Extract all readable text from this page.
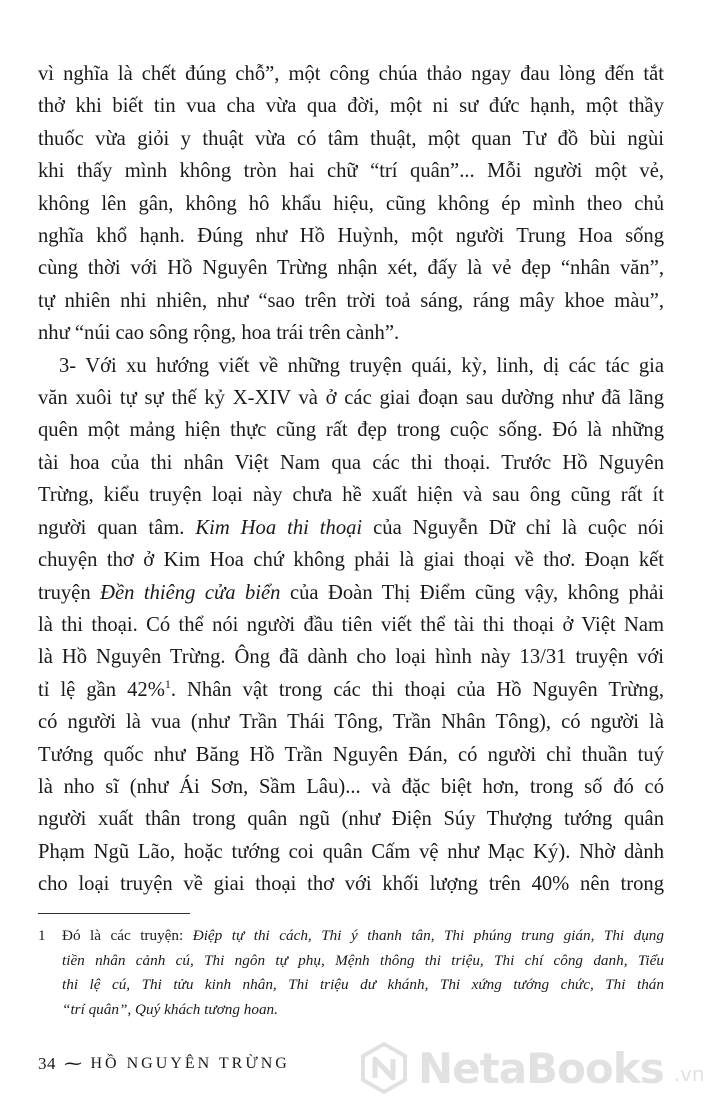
vì nghĩa là chết đúng chỗ”, một công chúa thảo ngay đau lòng đến tắt
thở khi biết tin vua cha vừa qua đời, một ni sư đức hạnh, một thầy
thuốc vừa giỏi y thuật vừa có tâm thuật, một quan Tư đồ bùi ngùi
khi thấy mình không tròn hai chữ “trí quân”... Mỗi người một vẻ,
không lên gân, không hô khẩu hiệu, cũng không ép mình theo chủ
nghĩa khổ hạnh. Đúng như Hồ Huỳnh, một người Trung Hoa sống
cùng thời với Hồ Nguyên Trừng nhận xét, đấy là vẻ đẹp “nhân văn”,
tự nhiên nhi nhiên, như “sao trên trời toả sáng, ráng mây khoe màu”,
như “núi cao sông rộng, hoa trái trên cành”.

3- Với xu hướng viết về những truyện quái, kỳ, linh, dị các tác gia
văn xuôi tự sự thế kỷ X-XIV và ở các giai đoạn sau dường như đã lãng
quên một mảng hiện thực cũng rất đẹp trong cuộc sống. Đó là những
tài hoa của thi nhân Việt Nam qua các thi thoại. Trước Hồ Nguyên
Trừng, kiểu truyện loại này chưa hề xuất hiện và sau ông cũng rất ít
người quan tâm. Kim Hoa thi thoại của Nguyễn Dữ chỉ là cuộc nói
chuyện thơ ở Kim Hoa chứ không phải là giai thoại về thơ. Đoạn kết
truyện Đền thiêng cửa biển của Đoàn Thị Điểm cũng vậy, không phải
là thi thoại. Có thể nói người đầu tiên viết thể tài thi thoại ở Việt Nam
là Hồ Nguyên Trừng. Ông đã dành cho loại hình này 13/31 truyện với
tỉ lệ gần 42%$^1$. Nhân vật trong các thi thoại của Hồ Nguyên Trừng,
có người là vua (như Trần Thái Tông, Trần Nhân Tông), có người là
Tướng quốc như Băng Hồ Trần Nguyên Đán, có người chỉ thuần tuý
là nho sĩ (như Ái Sơn, Sầm Lâu)... và đặc biệt hơn, trong số đó có
người xuất thân trong quân ngũ (như Điện Súy Thượng tướng quân
Phạm Ngũ Lão, hoặc tướng coi quân Cấm vệ như Mạc Ký). Nhờ dành
cho loại truyện về giai thoại thơ với khối lượng trên 40% nên trong

1 Đó là các truyện: Điệp tự thi cách, Thi ý thanh tân, Thi phúng trung gián, Thi dụng
tiền nhân cảnh cú, Thi ngôn tự phụ, Mệnh thông thi triệu, Thi chí công danh, Tiểu
thi lệ cú, Thi tửu kinh nhân, Thi triệu dư khánh, Thi xứng tướng chức, Thi thán
“trí quân”, Quý khách tương hoan.
34 ⁓ HỒ NGUYÊN TRỪNG	NetaBooks .vn
